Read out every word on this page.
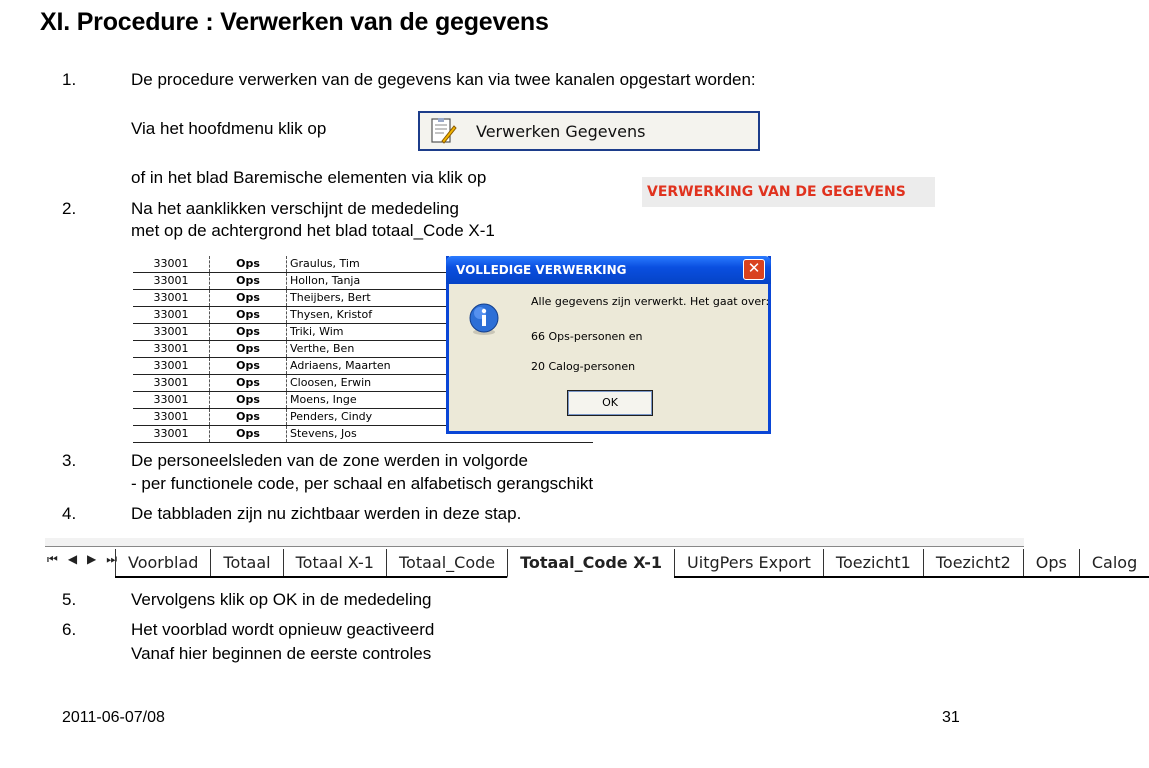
XI. Procedure : Verwerken van de gegevens
1.	De procedure verwerken van de gegevens kan via twee kanalen opgestart worden:
Via het hoofdmenu klik op	Verwerken Gegevens
of in het blad Baremische elementen via klik op
VERWERKING VAN DE GEGEVENS
2.	Na het aanklikken verschijnt de mededeling
met op de achtergrond het blad totaal_Code X-1
33001	Ops	Graulus, Tim
33001	Ops	Hollon, Tanja
33001	Ops	Theijbers, Bert
33001	Ops	Thysen, Kristof
33001	Ops	Triki, Wim
33001	Ops	Verthe, Ben
33001	Ops	Adriaens, Maarten
33001	Ops	Cloosen, Erwin
33001	Ops	Moens, Inge
33001	Ops	Penders, Cindy
33001	Ops	Stevens, Jos
VOLLEDIGE VERWERKING	✕
Alle gegevens zijn verwerkt. Het gaat over:
66 Ops-personen en
20 Calog-personen
OK
3.	De personeelsleden van de zone werden in volgorde
- per functionele code, per schaal en alfabetisch gerangschikt
4.	De tabbladen zijn nu zichtbaar werden in deze stap.
⏮ ◀ ▶ ⏭ Voorblad	Totaal	Totaal X-1	Totaal_Code	Totaal_Code X-1	UitgPers Export	Toezicht1	Toezicht2	Ops	Calog
5.	Vervolgens klik op OK in de mededeling
6.	Het voorblad wordt opnieuw geactiveerd
Vanaf hier beginnen de eerste controles
2011-06-07/08	31
